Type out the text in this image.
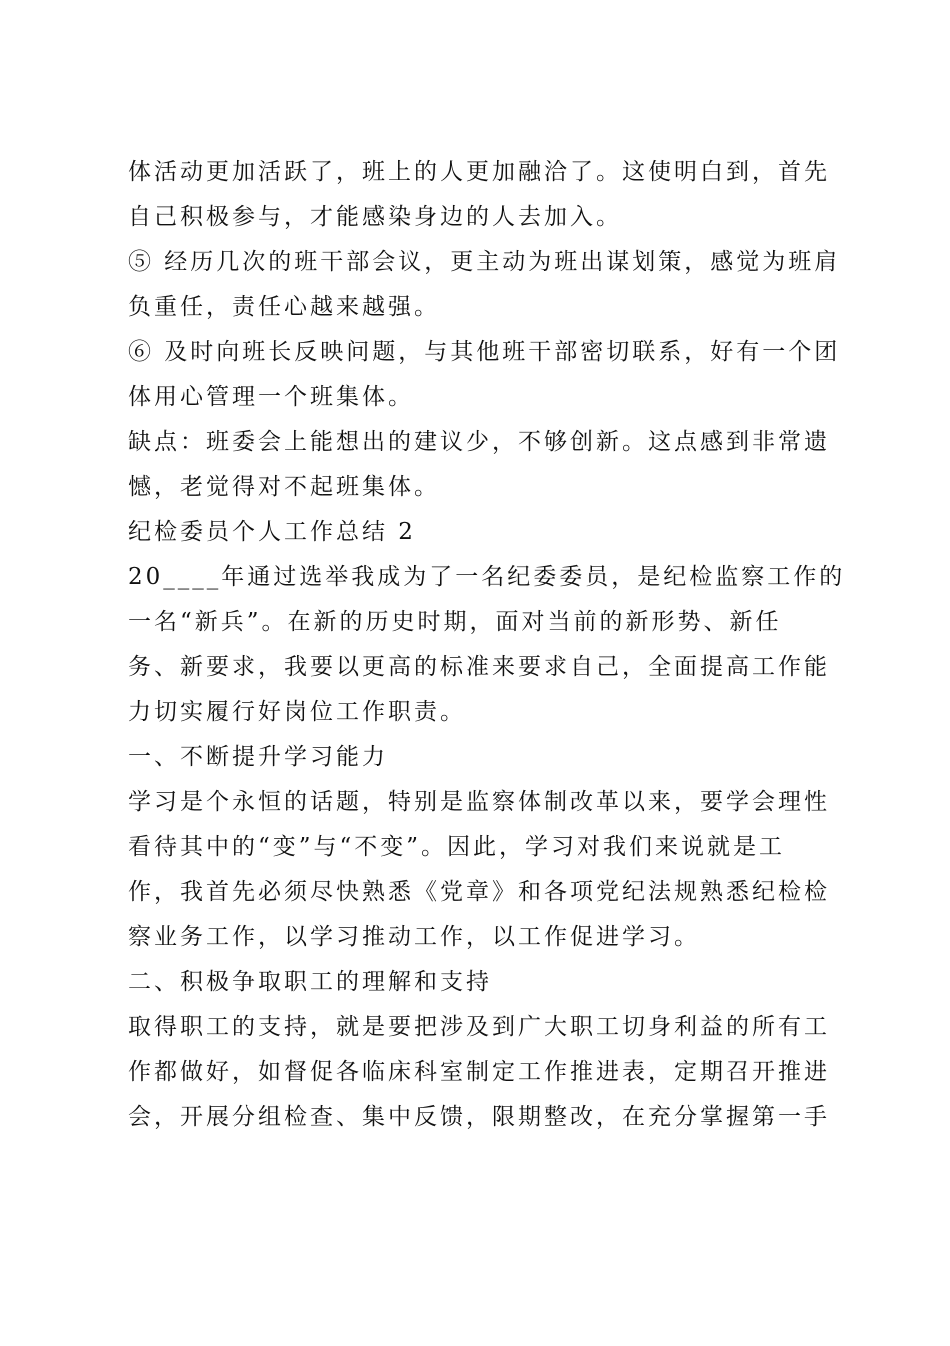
体活动更加活跃了，班上的人更加融洽了。这使明白到，首先
自己积极参与，才能感染身边的人去加入。
⑤ 经历几次的班干部会议，更主动为班出谋划策，感觉为班肩
负重任，责任心越来越强。
⑥ 及时向班长反映问题，与其他班干部密切联系，好有一个团
体用心管理一个班集体。
缺点：班委会上能想出的建议少，不够创新。这点感到非常遗
憾，老觉得对不起班集体。
纪检委员个人工作总结 2
20____年通过选举我成为了一名纪委委员，是纪检监察工作的
一名“新兵”。在新的历史时期，面对当前的新形势、新任
务、新要求，我要以更高的标准来要求自己，全面提高工作能
力切实履行好岗位工作职责。
一、不断提升学习能力
学习是个永恒的话题，特别是监察体制改革以来，要学会理性
看待其中的“变”与“不变”。因此，学习对我们来说就是工
作，我首先必须尽快熟悉《党章》和各项党纪法规熟悉纪检检
察业务工作，以学习推动工作，以工作促进学习。
二、积极争取职工的理解和支持
取得职工的支持，就是要把涉及到广大职工切身利益的所有工
作都做好，如督促各临床科室制定工作推进表，定期召开推进
会，开展分组检查、集中反馈，限期整改，在充分掌握第一手
